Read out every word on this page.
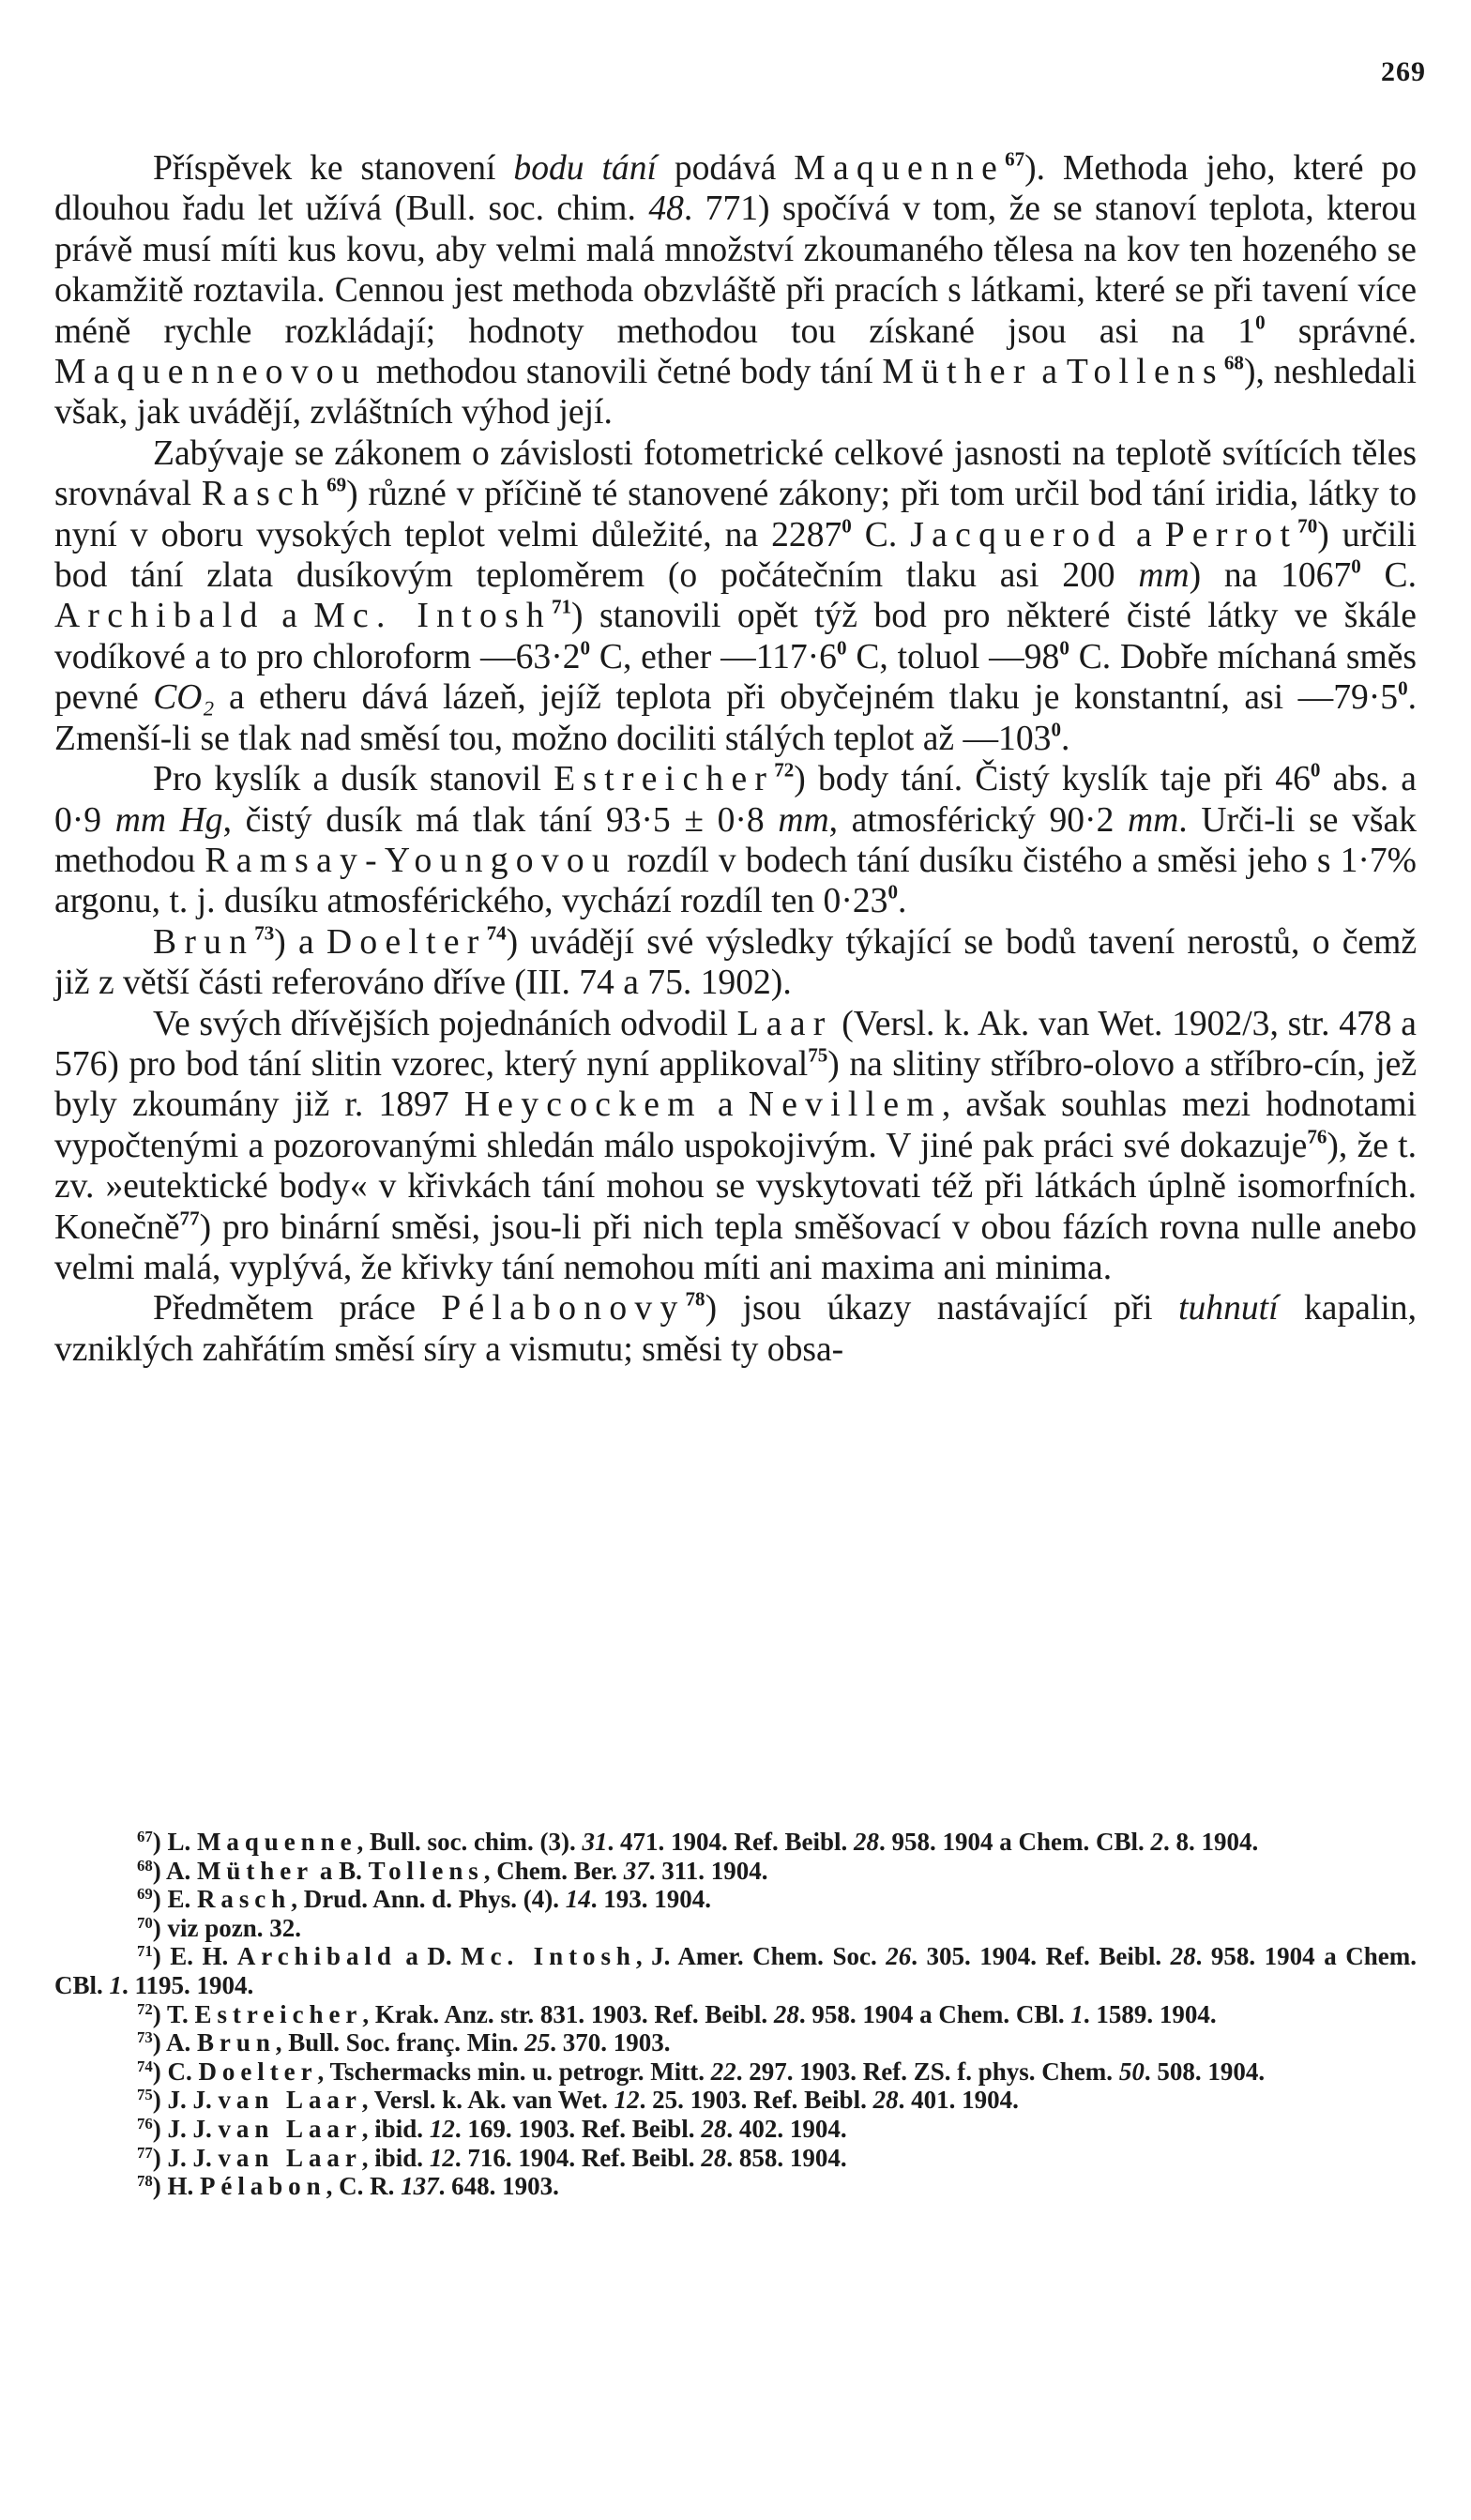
269

Příspěvek ke stanovení bodu tání podává Maquenne$^{67}$). Methoda jeho, které po dlouhou řadu let užívá (Bull. soc. chim. 48. 771) spočívá v tom, že se stanoví teplota, kterou právě musí míti kus kovu, aby velmi malá množství zkoumaného tělesa na kov ten hozeného se okamžitě roztavila. Cennou jest methoda obzvláště při pracích s látkami, které se při tavení více méně rychle rozkládají; hodnoty methodou tou získané jsou asi na $1^0$ správné. Maquenneovou methodou stanovili četné body tání Müther a Tollens$^{68}$), neshledali však, jak uvádějí, zvláštních výhod její.

Zabývaje se zákonem o závislosti fotometrické celkové jasnosti na teplotě svítících těles srovnával Rasch$^{69}$) různé v příčině té stanovené zákony; při tom určil bod tání iridia, látky to nyní v oboru vysokých teplot velmi důležité, na 2287$^0$ C. Jacquerod a Perrot$^{70}$) určili bod tání zlata dusíkovým teploměrem (o počátečním tlaku asi 200 mm) na 1067$^0$ C. Archibald a Mc. Intosh$^{71}$) stanovili opět týž bod pro některé čisté látky ve škále vodíkové a to pro chloroform $—63\cdot 2^0$ C, ether $—117\cdot 6^0$ C, toluol $—98^0$ C. Dobře míchaná směs pevné CO₂ a etheru dává lázeň, jejíž teplota při obyčejném tlaku je konstantní, asi $—79\cdot 5^0$. Zmenší-li se tlak nad směsí tou, možno dociliti stálých teplot až $—103^0$.

Pro kyslík a dusík stanovil Estreicher$^{72}$) body tání. Čistý kyslík taje při $46^0$ abs. a 0·9 mm Hg, čistý dusík má tlak tání 93·5 ± 0·8 mm, atmosférický 90·2 mm. Urči-li se však methodou Ramsay-Youngovou rozdíl v bodech tání dusíku čistého a směsi jeho s 1·7% argonu, t. j. dusíku atmosférického, vychází rozdíl ten $0\cdot 23^0$.

Brun$^{73}$) a Doelter$^{74}$) uvádějí své výsledky týkající se bodů tavení nerostů, o čemž již z větší části referováno dříve (III. 74 a 75. 1902).

Ve svých dřívějších pojednáních odvodil Laar (Versl. k. Ak. van Wet. 1902/3, str. 478 a 576) pro bod tání slitin vzorec, který nyní applikoval$^{75}$) na slitiny stříbro-olovo a stříbro-cín, jež byly zkoumány již r. 1897 Heycockem a Nevillem, avšak souhlas mezi hodnotami vypočtenými a pozorovanými shledán málo uspokojivým. V jiné pak práci své dokazuje$^{76}$), že t. zv. »eutektické body« v křivkách tání mohou se vyskytovati též při látkách úplně isomorfních. Konečně$^{77}$) pro binární směsi, jsou-li při nich tepla směšovací v obou fázích rovna nulle anebo velmi malá, vyplývá, že křivky tání nemohou míti ani maxima ani minima.

Předmětem práce Pélabonovy$^{78}$) jsou úkazy nastávající při tuhnutí kapalin, vzniklých zahřátím směsí síry a vismutu; směsi ty obsa-

$^{67}$) L. Maquenne, Bull. soc. chim. (3). 31. 471. 1904. Ref. Beibl. 28. 958. 1904 a Chem. CBl. 2. 8. 1904.

$^{68}$) A. Müther a B. Tollens, Chem. Ber. 37. 311. 1904.

$^{69}$) E. Rasch, Drud. Ann. d. Phys. (4). 14. 193. 1904.

$^{70}$) viz pozn. 32.

$^{71}$) E. H. Archibald a D. Mc. Intosh, J. Amer. Chem. Soc. 26. 305. 1904. Ref. Beibl. 28. 958. 1904 a Chem. CBl. 1. 1195. 1904.

$^{72}$) T. Estreicher, Krak. Anz. str. 831. 1903. Ref. Beibl. 28. 958. 1904 a Chem. CBl. 1. 1589. 1904.

$^{73}$) A. Brun, Bull. Soc. franç. Min. 25. 370. 1903.

$^{74}$) C. Doelter, Tschermacks min. u. petrogr. Mitt. 22. 297. 1903. Ref. ZS. f. phys. Chem. 50. 508. 1904.

$^{75}$) J. J. van Laar, Versl. k. Ak. van Wet. 12. 25. 1903. Ref. Beibl. 28. 401. 1904.

$^{76}$) J. J. van Laar, ibid. 12. 169. 1903. Ref. Beibl. 28. 402. 1904.

$^{77}$) J. J. van Laar, ibid. 12. 716. 1904. Ref. Beibl. 28. 858. 1904.

$^{78}$) H. Pélabon, C. R. 137. 648. 1903.
